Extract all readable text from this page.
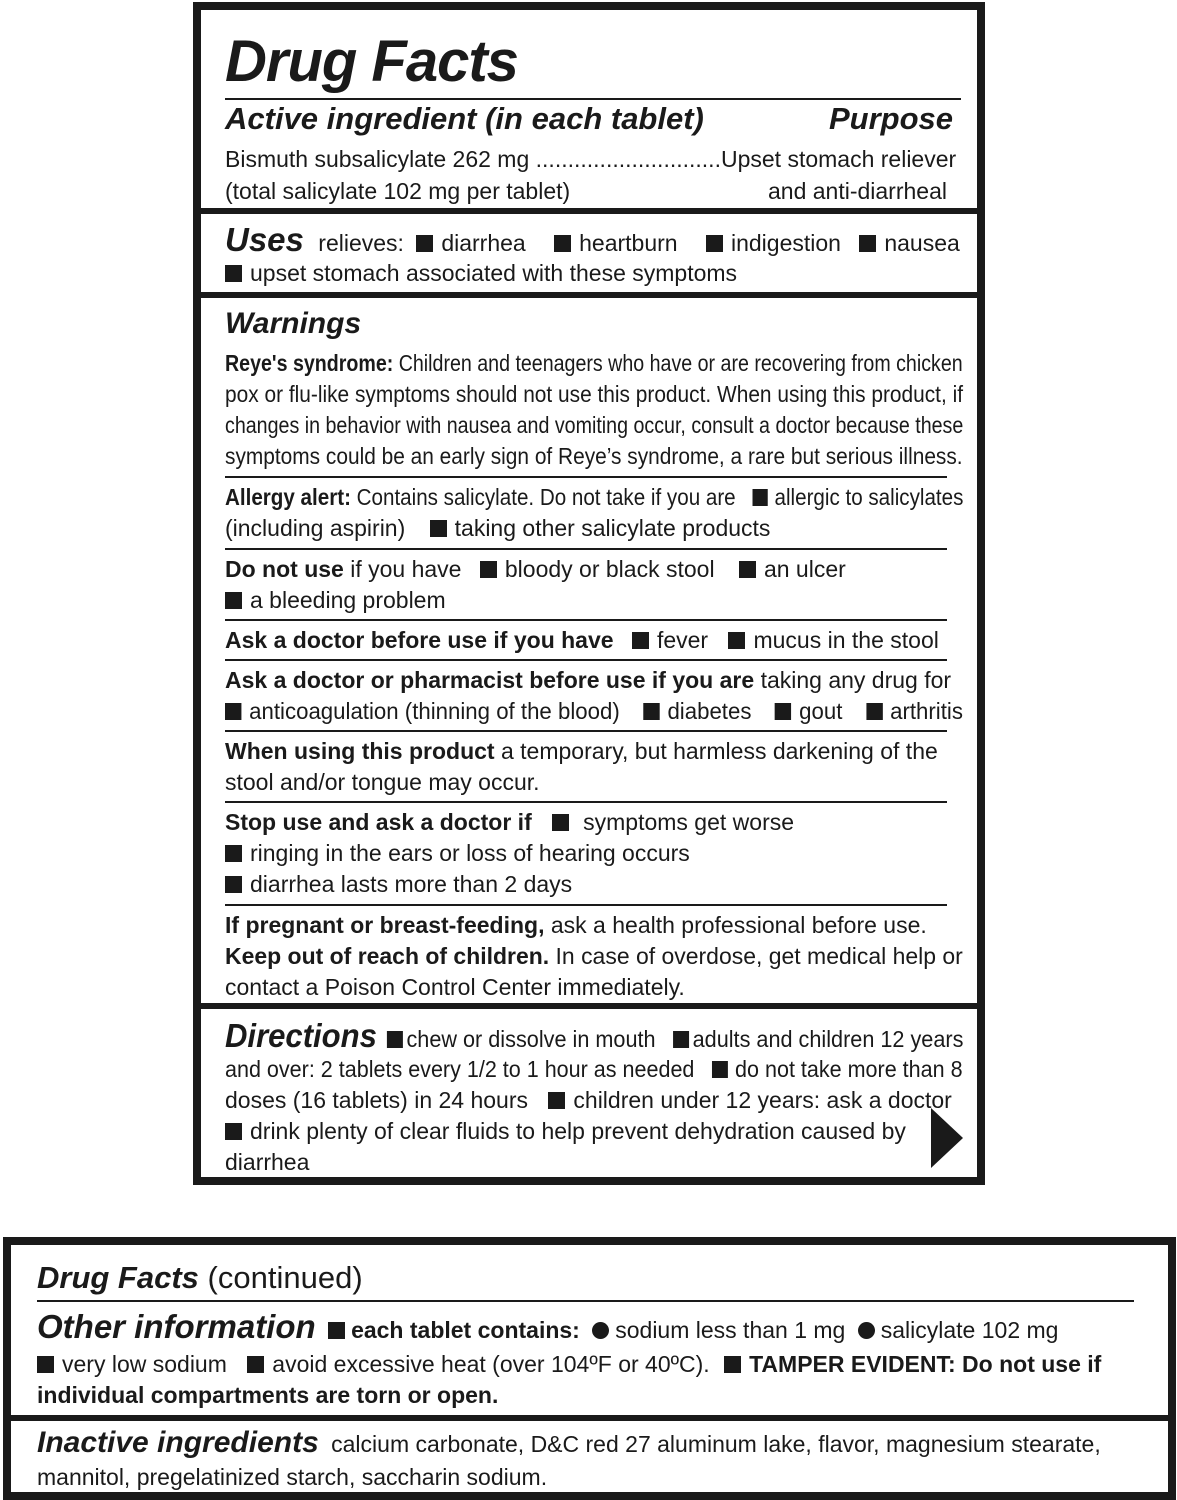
Drug Facts
Active ingredient (in each tablet)	Purpose
Bismuth subsalicylate 262 mg .............................Upset stomach reliever
(total salicylate 102 mg per tablet)	and anti-diarrheal
Uses relieves: diarrhea heartburn indigestion nausea
upset stomach associated with these symptoms
Warnings
Reye's syndrome: Children and teenagers who have or are recovering from chicken
pox or flu-like symptoms should not use this product. When using this product, if
changes in behavior with nausea and vomiting occur, consult a doctor because these
symptoms could be an early sign of Reye’s syndrome, a rare but serious illness.
Allergy alert: Contains salicylate. Do not take if you are allergic to salicylates
(including aspirin) taking other salicylate products
Do not use if you have bloody or black stool an ulcer
a bleeding problem
Ask a doctor before use if you have fever mucus in the stool
Ask a doctor or pharmacist before use if you are taking any drug for
anticoagulation (thinning of the blood) diabetes gout arthritis
When using this product a temporary, but harmless darkening of the
stool and/or tongue may occur.
Stop use and ask a doctor if symptoms get worse
ringing in the ears or loss of hearing occurs
diarrhea lasts more than 2 days
If pregnant or breast-feeding, ask a health professional before use.
Keep out of reach of children. In case of overdose, get medical help or
contact a Poison Control Center immediately.
Directions chew or dissolve in mouth adults and children 12 years
and over: 2 tablets every 1/2 to 1 hour as needed do not take more than 8
doses (16 tablets) in 24 hours children under 12 years: ask a doctor
drink plenty of clear fluids to help prevent dehydration caused by
diarrhea
Drug Facts (continued)
Other information each tablet contains: sodium less than 1 mg salicylate 102 mg
very low sodium avoid excessive heat (over 104ºF or 40ºC). TAMPER EVIDENT: Do not use if
individual compartments are torn or open.
Inactive ingredients calcium carbonate, D&C red 27 aluminum lake, flavor, magnesium stearate,
mannitol, pregelatinized starch, saccharin sodium.
